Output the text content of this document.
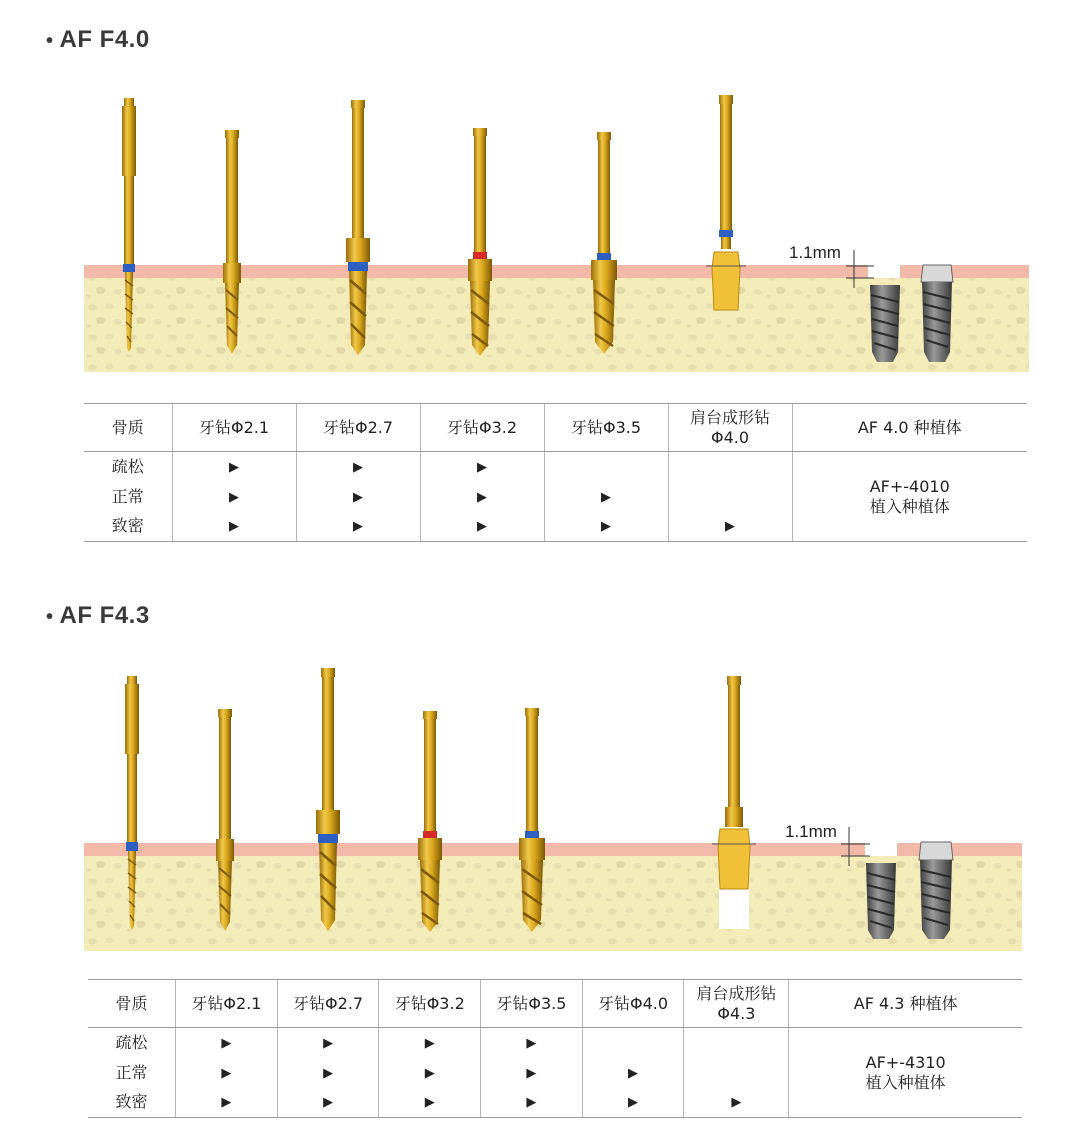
• AF F4.0
1.1mm
骨质	牙钻Φ2.1	牙钻Φ2.7	牙钻Φ3.2	牙钻Φ3.5	肩台成形钻 Φ4.0	AF 4.0 种植体
疏松	▶	▶	▶			AF+-4010
植入种植体

正常	▶	▶	▶	▶		
致密	▶	▶	▶	▶	▶	
• AF F4.3
1.1mm
骨质	牙钻Φ2.1	牙钻Φ2.7	牙钻Φ3.2	牙钻Φ3.5	牙钻Φ4.0	肩台成形钻 Φ4.3	AF 4.3 种植体
疏松	▶	▶	▶	▶			AF+-4310
植入种植体

正常	▶	▶	▶	▶	▶		
致密	▶	▶	▶	▶	▶	▶	
